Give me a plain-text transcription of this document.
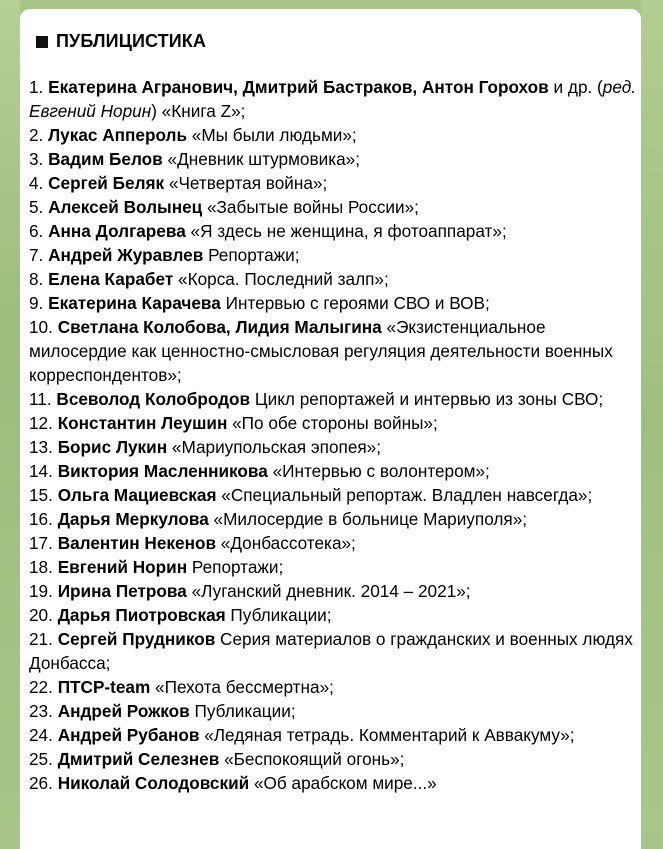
ПУБЛИЦИСТИКА

1. Екатерина Агранович, Дмитрий Бастраков, Антон Горохов и др. (ред. Евгений Норин) «Книга Z»;

2. Лукас Аппероль «Мы были людьми»;

3. Вадим Белов «Дневник штурмовика»;

4. Сергей Беляк «Четвертая война»;

5. Алексей Волынец «Забытые войны России»;

6. Анна Долгарева «Я здесь не женщина, я фотоаппарат»;

7. Андрей Журавлев Репортажи;

8. Елена Карабет «Корса. Последний залп»;

9. Екатерина Карачева Интервью с героями СВО и ВОВ;

10. Светлана Колобова, Лидия Малыгина «Экзистенциальное милосердие как ценностно-смысловая регуляция деятельности военных корреспондентов»;

11. Всеволод Колобродов Цикл репортажей и интервью из зоны СВО;

12. Константин Леушин «По обе стороны войны»;

13. Борис Лукин «Мариупольская эпопея»;

14. Виктория Масленникова «Интервью с волонтером»;

15. Ольга Мациевская «Специальный репортаж. Владлен навсегда»;

16. Дарья Меркулова «Милосердие в больнице Мариуполя»;

17. Валентин Некенов «Донбассотека»;

18. Евгений Норин Репортажи;

19. Ирина Петрова «Луганский дневник. 2014 – 2021»;

20. Дарья Пиотровская Публикации;

21. Сергей Прудников Серия материалов о гражданских и военных людях Донбасса;

22. ПТСР-team «Пехота бессмертна»;

23. Андрей Рожков Публикации;

24. Андрей Рубанов «Ледяная тетрадь. Комментарий к Аввакуму»;

25. Дмитрий Селезнев «Беспокоящий огонь»;

26. Николай Солодовский «Об арабском мире...»
